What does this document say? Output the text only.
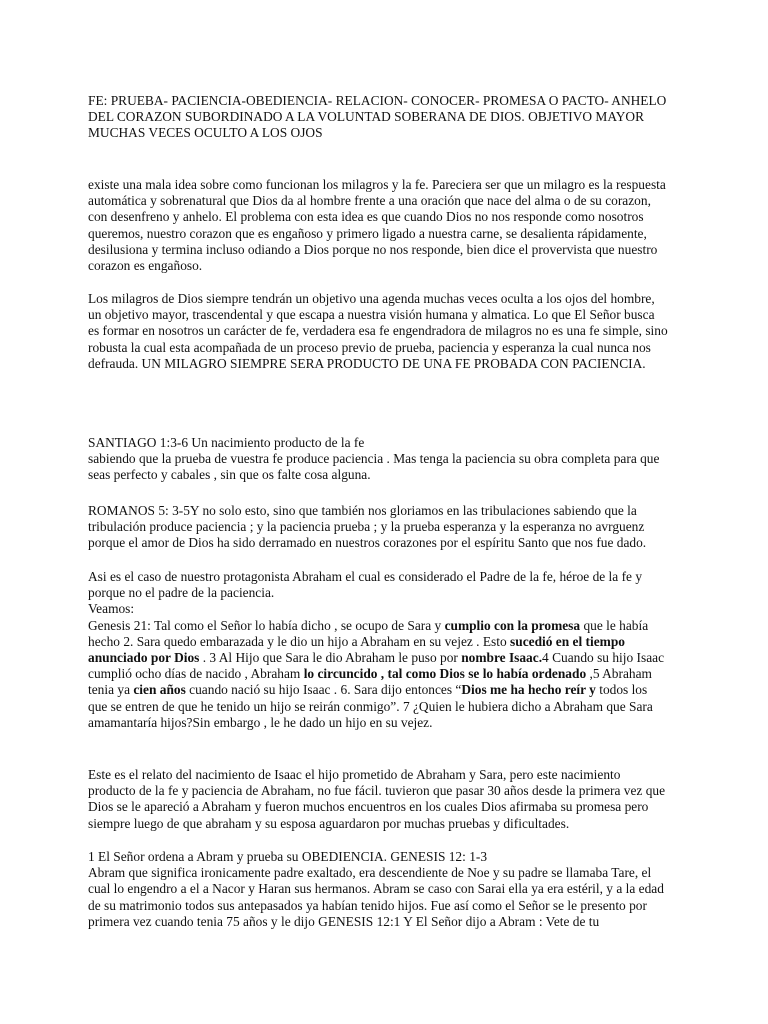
FE: PRUEBA- PACIENCIA-OBEDIENCIA- RELACION- CONOCER- PROMESA O PACTO- ANHELO DEL CORAZON SUBORDINADO A LA VOLUNTAD SOBERANA DE DIOS. OBJETIVO MAYOR MUCHAS VECES OCULTO A LOS OJOS

existe una mala idea sobre como funcionan los milagros y la fe. Pareciera ser que un milagro es la respuesta automática y sobrenatural que Dios da al hombre frente a una oración que nace del alma o de su corazon, con desenfreno y anhelo. El problema con esta idea es que cuando Dios no nos responde como nosotros queremos, nuestro corazon que es engañoso y primero ligado a nuestra carne, se desalienta rápidamente, desilusiona y termina incluso odiando a Dios porque no nos responde, bien dice el provervista que nuestro corazon es engañoso.

Los milagros de Dios siempre tendrán un objetivo una agenda muchas veces oculta a los ojos del hombre, un objetivo mayor, trascendental y que escapa a nuestra visión humana y almatica. Lo que El Señor busca es formar en nosotros un carácter de fe, verdadera esa fe engendradora de milagros no es una fe simple, sino robusta la cual esta acompañada de un proceso previo de prueba, paciencia y esperanza la cual nunca nos defrauda. UN MILAGRO SIEMPRE SERA PRODUCTO DE UNA FE PROBADA CON PACIENCIA.

SANTIAGO 1:3-6 Un nacimiento producto de la fe

sabiendo que la prueba de vuestra fe produce paciencia . Mas tenga la paciencia su obra completa para que seas perfecto y cabales , sin que os falte cosa alguna.

ROMANOS 5: 3-5Y no solo esto, sino que también nos gloriamos en las tribulaciones sabiendo que la tribulación produce paciencia ; y la paciencia prueba ; y la prueba esperanza y la esperanza no avrguenz porque el amor de Dios ha sido derramado en nuestros corazones por el espíritu Santo que nos fue dado.

Asi es el caso de nuestro protagonista Abraham el cual es considerado el Padre de la fe, héroe de la fe y porque no el padre de la paciencia.

Veamos:

Genesis 21: Tal como el Señor lo había dicho , se ocupo de Sara y cumplio con la promesa que le había hecho 2. Sara quedo embarazada y le dio un hijo a Abraham en su vejez . Esto sucedió en el tiempo anunciado por Dios . 3 Al Hijo que Sara le dio Abraham le puso por nombre Isaac.4 Cuando su hijo Isaac cumplió ocho días de nacido , Abraham lo circuncido , tal como Dios se lo había ordenado ,5 Abraham tenia ya cien años cuando nació su hijo Isaac . 6. Sara dijo entonces “Dios me ha hecho reír y todos los que se entren de que he tenido un hijo se reirán conmigo”. 7 ¿Quien le hubiera dicho a Abraham que Sara amamantaría hijos?Sin embargo , le he dado un hijo en su vejez.

Este es el relato del nacimiento de Isaac el hijo prometido de Abraham y Sara, pero este nacimiento producto de la fe y paciencia de Abraham, no fue fácil. tuvieron que pasar 30 años desde la primera vez que Dios se le apareció a Abraham y fueron muchos encuentros en los cuales Dios afirmaba su promesa pero siempre luego de que abraham y su esposa aguardaron por muchas pruebas y dificultades.

1 El Señor ordena a Abram y prueba su OBEDIENCIA. GENESIS 12: 1-3

Abram que significa ironicamente padre exaltado, era descendiente de Noe y su padre se llamaba Tare, el cual lo engendro a el a Nacor y Haran sus hermanos. Abram se caso con Sarai ella ya era estéril, y a la edad de su matrimonio todos sus antepasados ya habían tenido hijos. Fue así como el Señor se le presento por primera vez cuando tenia 75 años y le dijo GENESIS 12:1 Y El Señor dijo a Abram : Vete de tu
